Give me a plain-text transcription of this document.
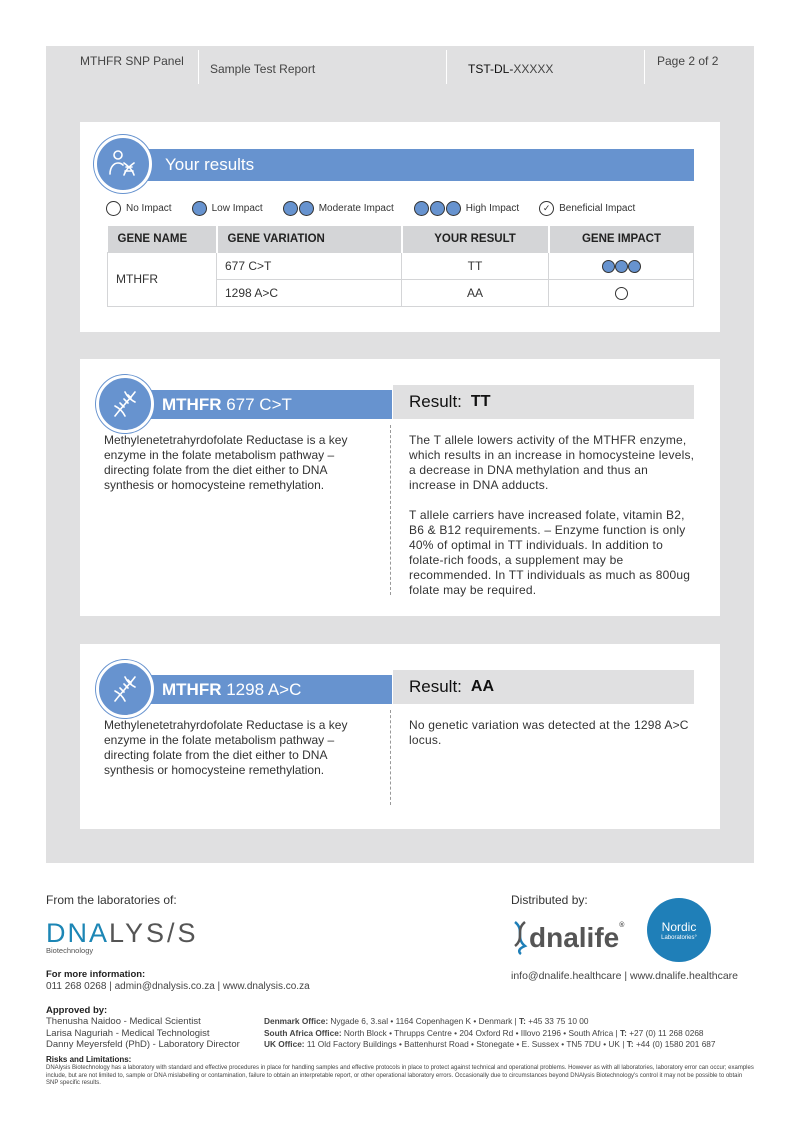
MTHFR SNP Panel
Sample Test Report	TST-DL- XXXXX
Page 2 of 2
Your results
No Impact	Low Impact	Moderate Impact	High Impact	✓ Beneficial Impact
GENE NAME	GENE VARIATION	YOUR RESULT	GENE IMPACT
MTHFR	677 C>T	TT	

	1298 A>C	AA	
MTHFR
677 C>T	Result: TT
Methylenetetrahyrdofolate Reductase is a key enzyme in the folate metabolism pathway – directing folate from the diet either to DNA synthesis or homocysteine remethylation.

The T allele lowers activity of the MTHFR enzyme, which results in an increase in homocysteine levels, a decrease in DNA methylation and thus an increase in DNA adducts.

T allele carriers have increased folate, vitamin B2, B6 & B12 requirements. – Enzyme function is only 40% of optimal in TT individuals. In addition to folate-rich foods, a supplement may be recommended. In TT individuals as much as 800ug folate may be required.

MTHFR
1298 A>C	Result: AA
Methylenetetrahyrdofolate Reductase is a key enzyme in the folate metabolism pathway – directing folate from the diet either to DNA synthesis or homocysteine remethylation.
No genetic variation was detected at the 1298 A>C locus.
From the laboratories of:
DNALYS/S
Biotechnology
Distributed by:
dnalife®	Nordic
Laboratories°
For more information:
011 268 0268 | admin@dnalysis.co.za | www.dnalysis.co.za
info@dnalife.healthcare | www.dnalife.healthcare
Approved by:
Thenusha Naidoo - Medical Scientist
Larisa Naguriah - Medical Technologist
Danny Meyersfeld (PhD) - Laboratory Director
Denmark Office: Nygade 6, 3.sal • 1164 Copenhagen K • Denmark | T: +45 33 75 10 00
South Africa Office: North Block • Thrupps Centre • 204 Oxford Rd • Illovo 2196 • South Africa | T: +27 (0) 11 268 0268
UK Office: 11 Old Factory Buildings • Battenhurst Road • Stonegate • E. Sussex • TN5 7DU • UK | T: +44 (0) 1580 201 687
Risks and Limitations:
DNAlysis Biotechnology has a laboratory with standard and effective procedures in place for handling samples and effective protocols in place to protect against technical and operational problems. However as with all laboratories, laboratory error can occur; examples include, but are not limited to, sample or DNA mislabelling or contamination, failure to obtain an interpretable report, or other operational laboratory errors. Occasionally due to circumstances beyond DNAlysis Biotechnology's control it may not be possible to obtain SNP specific results.
